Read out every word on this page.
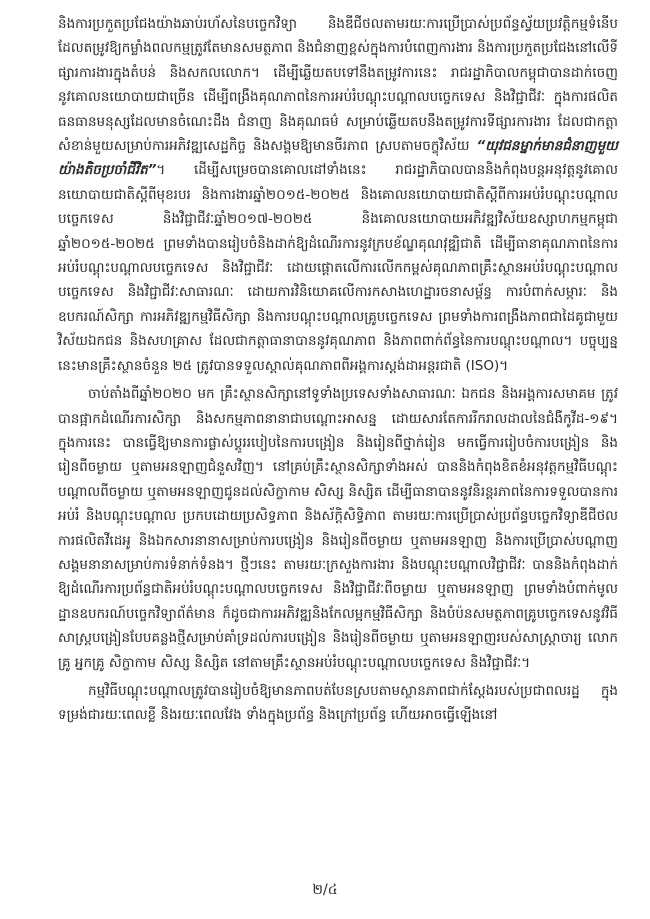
និងការប្រកួតប្រជែងយ៉ាងឆាប់រហ័សនៃបច្ចេកវិទ្យា និងឌីជីថលតាមរយៈការប្រើប្រាស់ប្រព័ន្ធស្វ័យប្រវត្តិកម្មទំនើប ដែលតម្រូវឱ្យកម្លាំងពលកម្មត្រូវតែមានសមត្ថភាព និងជំនាញខ្ពស់ក្នុងការបំពេញការងារ និងការប្រកួតប្រជែងនៅលើទីផ្សារការងារក្នុងតំបន់ និងសកលលោក។ ដើម្បីឆ្លើយតបទៅនឹងតម្រូវការនេះ រាជរដ្ឋាភិបាលកម្ពុជាបានដាក់ចេញនូវគោលនយោបាយជាច្រើន ដើម្បីពង្រឹងគុណភាពនៃការអប់រំបណ្តុះបណ្តាលបច្ចេកទេស និងវិជ្ជាជីវៈ ក្នុងការផលិតធនធានមនុស្សដែលមានចំណេះដឹង ជំនាញ និងគុណធម៌ សម្រាប់ឆ្លើយតបនឹងតម្រូវការទីផ្សារការងារ ដែលជាកត្តាសំខាន់មួយសម្រាប់ការអភិវឌ្ឍសេដ្ឋកិច្ច និងសង្គមឱ្យមានចីរភាព ស្របតាមចក្ខុវិស័យ “យុវជនម្នាក់មានជំនាញមួយយ៉ាងតិចប្រចាំជីវិត”។ ដើម្បីសម្រេចបានគោលដៅទាំងនេះ រាជរដ្ឋាភិបាលបាននិងកំពុងបន្តអនុវត្តនូវគោលនយោបាយជាតិស្តីពីមុខរបរ និងការងារឆ្នាំ២០១៥-២០២៥ និងគោលនយោបាយជាតិស្តីពីការអប់រំបណ្តុះបណ្តាលបច្ចេកទេស និងវិជ្ជាជីវៈឆ្នាំ២០១៧-២០២៥ និងគោលនយោបាយអភិវឌ្ឍវិស័យឧស្សាហកម្មកម្ពុជាឆ្នាំ២០១៥-២០២៥ ព្រមទាំងបានរៀបចំនិងដាក់ឱ្យដំណើរការនូវក្របខ័ណ្ឌគុណវុឌ្ឍិជាតិ ដើម្បីធានាគុណភាពនៃការអប់រំបណ្តុះបណ្តាលបច្ចេកទេស និងវិជ្ជាជីវៈ ដោយផ្តោតលើការលើកកម្ពស់គុណភាពគ្រឹះស្ថានអប់រំបណ្តុះបណ្តាលបច្ចេកទេស និងវិជ្ជាជីវៈសាធារណៈ ដោយការវិនិយោគលើការកសាងហេដ្ឋារចនាសម្ព័ន្ធ ការបំពាក់សម្ភារៈ និងឧបករណ៍សិក្សា ការអភិវឌ្ឍកម្មវិធីសិក្សា និងការបណ្តុះបណ្តាលគ្រូបច្ចេកទេស ព្រមទាំងការពង្រឹងភាពជាដៃគូជាមួយវិស័យឯកជន និងសហគ្រាស ដែលជាកត្តាធានាបាននូវគុណភាព និងភាពពាក់ព័ន្ធនៃការបណ្តុះបណ្តាល។ បច្ចុប្បន្ននេះមានគ្រឹះស្ថានចំនួន ២៥ ត្រូវបានទទួលស្គាល់គុណភាពពីអង្គការស្តង់ដាអន្តរជាតិ (ISO)។

ចាប់តាំងពីឆ្នាំ២០២០ មក គ្រឹះស្ថានសិក្សានៅទូទាំងប្រទេសទាំងសាធារណៈ ឯកជន និងអង្គការសមាគម ត្រូវបានផ្អាកដំណើរការសិក្សា និងសកម្មភាពនានាជាបណ្តោះអាសន្ន ដោយសារតែការរីករាលដាលនៃជំងឺកូវីដ-១៩។ ក្នុងការនេះ បានធ្វើឱ្យមានការផ្លាស់ប្តូររបៀបនៃការបង្រៀន និងរៀនពីថ្នាក់រៀន មកធ្វើការរៀបចំការបង្រៀន និងរៀនពីចម្ងាយ ឬតាមអនឡាញជំនួសវិញ។ នៅគ្រប់គ្រឹះស្ថានសិក្សាទាំងអស់ បាននិងកំពុងខិតខំអនុវត្តកម្មវិធីបណ្តុះបណ្តាលពីចម្ងាយ ឬតាមអនឡាញជូនដល់សិក្ខាកាម សិស្ស និស្សិត ដើម្បីធានាបាននូវនិរន្តរភាពនៃការទទួលបានការអប់រំ និងបណ្តុះបណ្តាល ប្រកបដោយប្រសិទ្ធភាព និងស័ក្តិសិទ្ធិភាព តាមរយៈការប្រើប្រាស់ប្រព័ន្ធបច្ចេកវិទ្យាឌីជីថល ការផលិតវីដេអូ និងឯកសារនានាសម្រាប់ការបង្រៀន និងរៀនពីចម្ងាយ ឬតាមអនឡាញ និងការប្រើប្រាស់បណ្តាញសង្គមនានាសម្រាប់ការទំនាក់ទំនង។ ថ្មីៗនេះ តាមរយៈក្រសួងការងារ និងបណ្តុះបណ្តាលវិជ្ជាជីវៈ បាននិងកំពុងដាក់ឱ្យដំណើរការប្រព័ន្ធជាតិអប់រំបណ្តុះបណ្តាលបច្ចេកទេស និងវិជ្ជាជីវៈពីចម្ងាយ ឬតាមអនឡាញ ព្រមទាំងបំពាក់មូលដ្ឋានឧបករណ៍បច្ចេកវិទ្យាព័ត៌មាន ក៏ដូចជាការអភិវឌ្ឍនិងកែលម្អកម្មវិធីសិក្សា និងបំប៉នសមត្ថភាពគ្រូបច្ចេកទេសនូវវិធីសាស្ត្របង្រៀនបែបគន្លងថ្មីសម្រាប់គាំទ្រដល់ការបង្រៀន និងរៀនពីចម្ងាយ ឬតាមអនឡាញរបស់សាស្ត្រាចារ្យ លោកគ្រូ អ្នកគ្រូ សិក្ខាកាម សិស្ស និស្សិត នៅតាមគ្រឹះស្ថានអប់រំបណ្តុះបណ្តាលបច្ចេកទេស និងវិជ្ជាជីវៈ។

កម្មវិធីបណ្តុះបណ្តាលត្រូវបានរៀបចំឱ្យមានភាពបត់បែនស្របតាមស្ថានភាពជាក់ស្តែងរបស់ប្រជាពលរដ្ឋ ក្នុងទម្រង់ជារយៈពេលខ្លី និងរយៈពេលវែង ទាំងក្នុងប្រព័ន្ធ និងក្រៅប្រព័ន្ធ ហើយអាចធ្វើឡើងនៅ

២/៤
